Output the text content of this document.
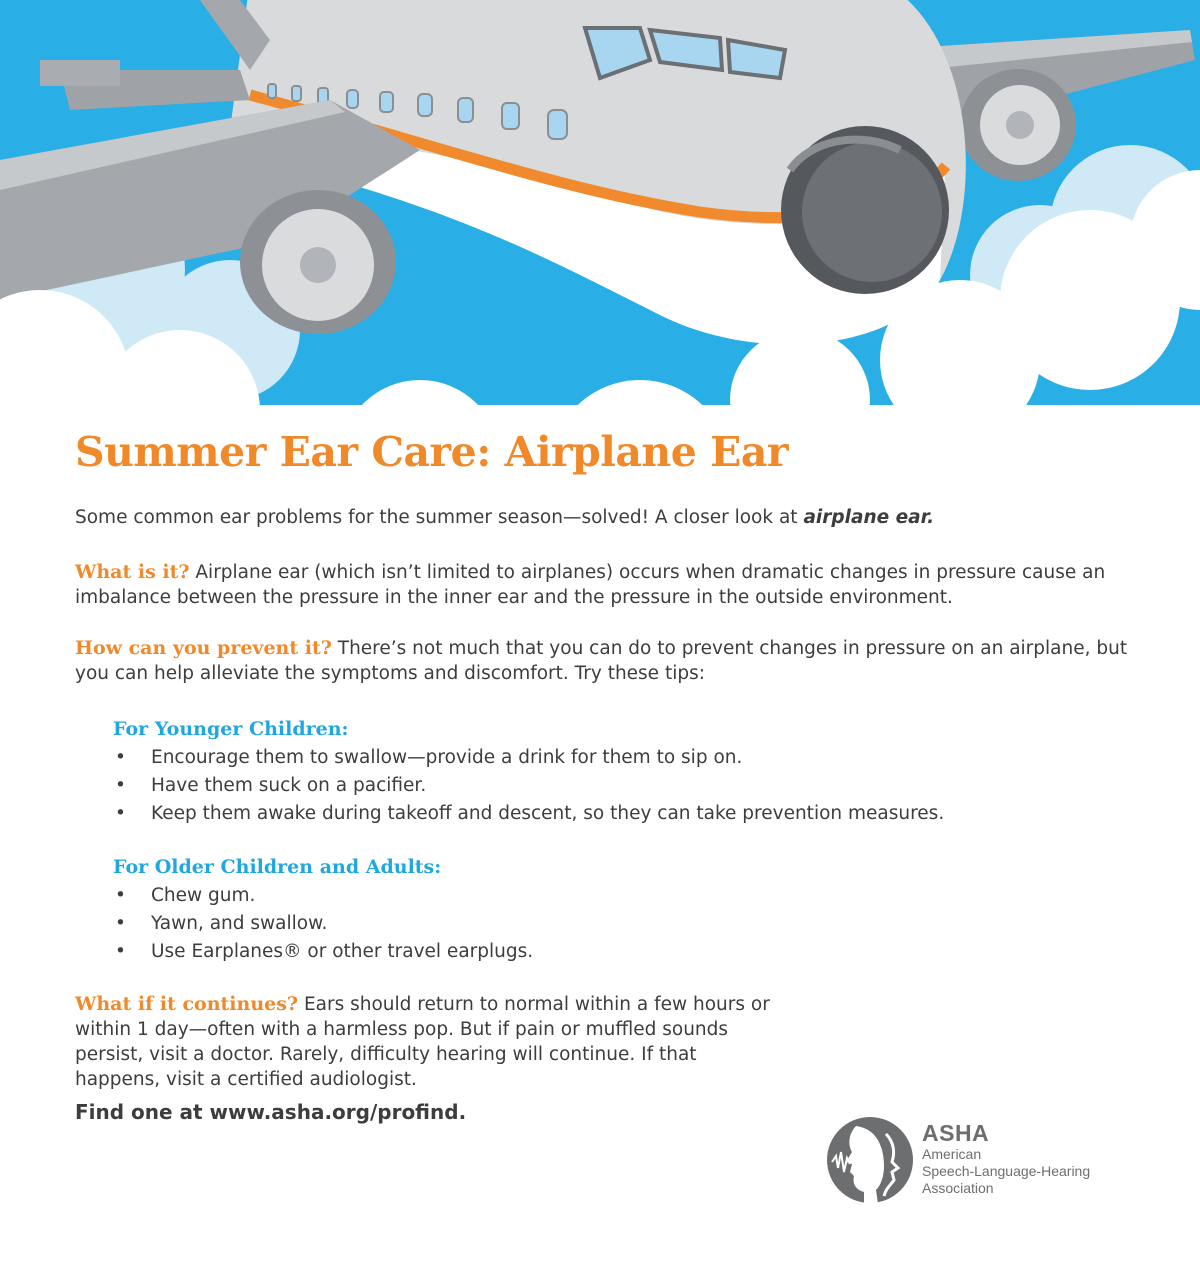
Summer Ear Care: Airplane Ear

Some common ear problems for the summer season—solved! A closer look at airplane ear.

What is it? Airplane ear (which isn’t limited to airplanes) occurs when dramatic changes in pressure cause an imbalance between the pressure in the inner ear and the pressure in the outside environment.

How can you prevent it? There’s not much that you can do to prevent changes in pressure on an airplane, but you can help alleviate the symptoms and discomfort. Try these tips:

For Younger Children:
• Encourage them to swallow—provide a drink for them to sip on.
• Have them suck on a pacifier.
• Keep them awake during takeoff and descent, so they can take prevention measures.
For Older Children and Adults:
• Chew gum.
• Yawn, and swallow.
• Use Earplanes® or other travel earplugs.

What if it continues? Ears should return to normal within a few hours or within 1 day—often with a harmless pop. But if pain or muffled sounds persist, visit a doctor. Rarely, difficulty hearing will continue. If that happens, visit a certified audiologist.

Find one at www.asha.org/profind.
ASHA
American
Speech-Language-Hearing
Association
